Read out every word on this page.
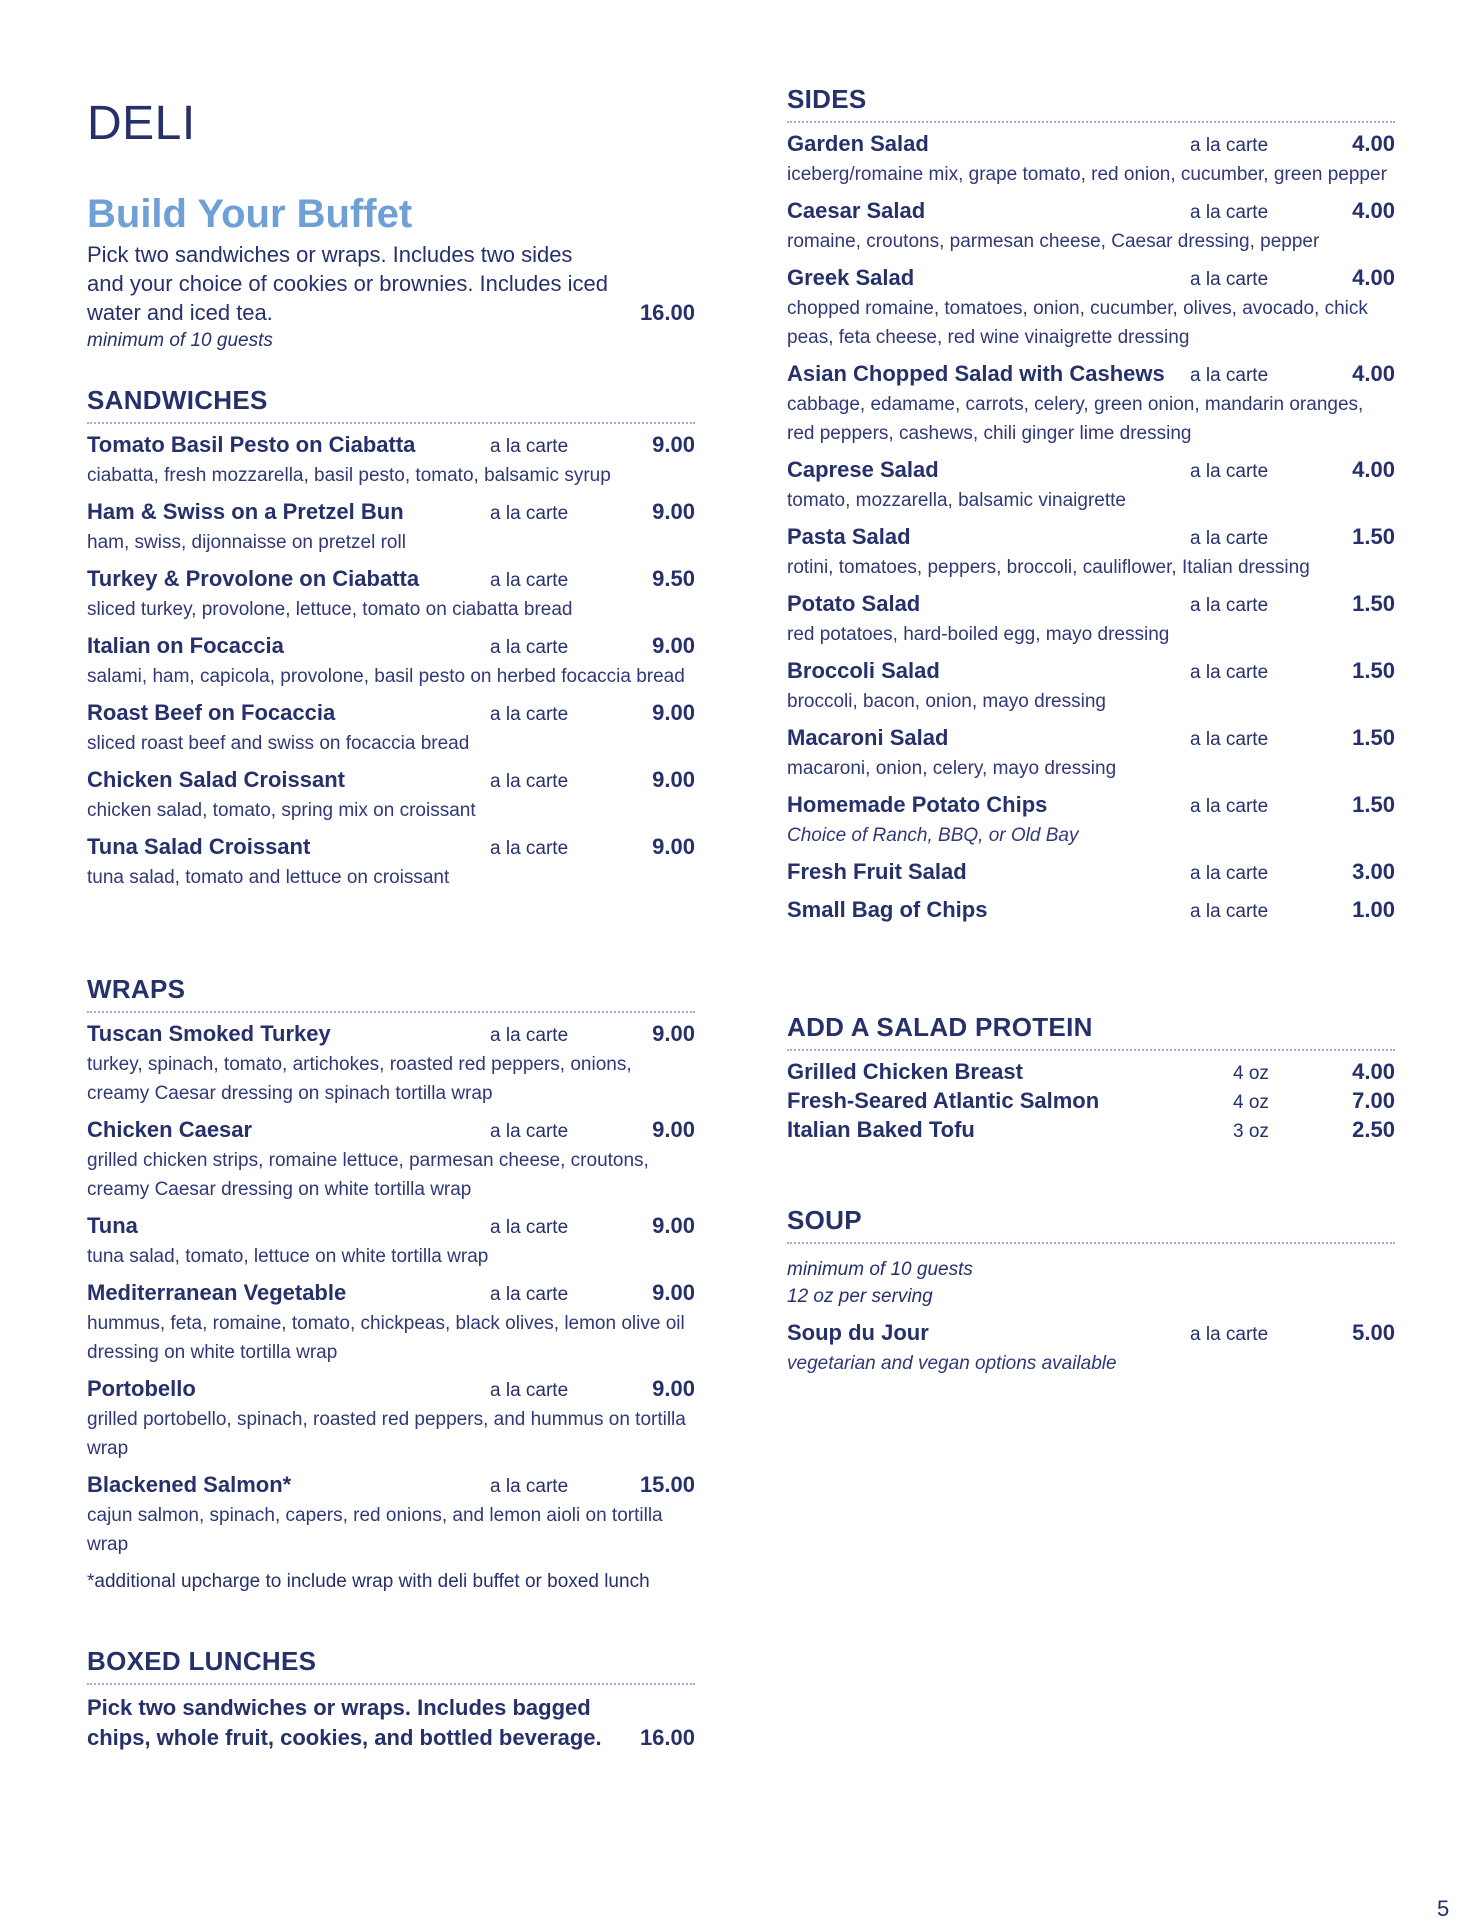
DELI
Build Your Buffet
Pick two sandwiches or wraps. Includes two sides and your choice of cookies or brownies. Includes iced water and iced tea.	16.00
minimum of 10 guests
SANDWICHES
Tomato Basil Pesto on Ciabatta	a la carte	9.00
ciabatta, fresh mozzarella, basil pesto, tomato, balsamic syrup
Ham & Swiss on a Pretzel Bun	a la carte	9.00
ham, swiss, dijonnaisse on pretzel roll
Turkey & Provolone on Ciabatta	a la carte	9.50
sliced turkey, provolone, lettuce, tomato on ciabatta bread
Italian on Focaccia	a la carte	9.00
salami, ham, capicola, provolone, basil pesto on herbed focaccia bread
Roast Beef on Focaccia	a la carte	9.00
sliced roast beef and swiss on focaccia bread
Chicken Salad Croissant	a la carte	9.00
chicken salad, tomato, spring mix on croissant
Tuna Salad Croissant	a la carte	9.00
tuna salad, tomato and lettuce on croissant
WRAPS
Tuscan Smoked Turkey	a la carte	9.00
turkey, spinach, tomato, artichokes, roasted red peppers, onions, creamy Caesar dressing on spinach tortilla wrap
Chicken Caesar	a la carte	9.00
grilled chicken strips, romaine lettuce, parmesan cheese, croutons, creamy Caesar dressing on white tortilla wrap
Tuna	a la carte	9.00
tuna salad, tomato, lettuce on white tortilla wrap
Mediterranean Vegetable	a la carte	9.00
hummus, feta, romaine, tomato, chickpeas, black olives, lemon olive oil dressing on white tortilla wrap
Portobello	a la carte	9.00
grilled portobello, spinach, roasted red peppers, and hummus on tortilla wrap
Blackened Salmon*	a la carte	15.00
cajun salmon, spinach, capers, red onions, and lemon aioli on tortilla wrap
*additional upcharge to include wrap with deli buffet or boxed lunch
BOXED LUNCHES
Pick two sandwiches or wraps. Includes bagged chips, whole fruit, cookies, and bottled beverage. 16.00
SIDES
Garden Salad	a la carte	4.00
iceberg/romaine mix, grape tomato, red onion, cucumber, green pepper
Caesar Salad	a la carte	4.00
romaine, croutons, parmesan cheese, Caesar dressing, pepper
Greek Salad	a la carte	4.00
chopped romaine, tomatoes, onion, cucumber, olives, avocado, chick peas, feta cheese, red wine vinaigrette dressing
Asian Chopped Salad with Cashews	a la carte	4.00
cabbage, edamame, carrots, celery, green onion, mandarin oranges, red peppers, cashews, chili ginger lime dressing
Caprese Salad	a la carte	4.00
tomato, mozzarella, balsamic vinaigrette
Pasta Salad	a la carte	1.50
rotini, tomatoes, peppers, broccoli, cauliflower, Italian dressing
Potato Salad	a la carte	1.50
red potatoes, hard-boiled egg, mayo dressing
Broccoli Salad	a la carte	1.50
broccoli, bacon, onion, mayo dressing
Macaroni Salad	a la carte	1.50
macaroni, onion, celery, mayo dressing
Homemade Potato Chips	a la carte	1.50
Choice of Ranch, BBQ, or Old Bay
Fresh Fruit Salad	a la carte	3.00
Small Bag of Chips	a la carte	1.00
ADD A SALAD PROTEIN
Grilled Chicken Breast	4 oz	4.00
Fresh-Seared Atlantic Salmon	4 oz	7.00
Italian Baked Tofu	3 oz	2.50
SOUP
minimum of 10 guests
12 oz per serving
Soup du Jour	a la carte	5.00
vegetarian and vegan options available
5
